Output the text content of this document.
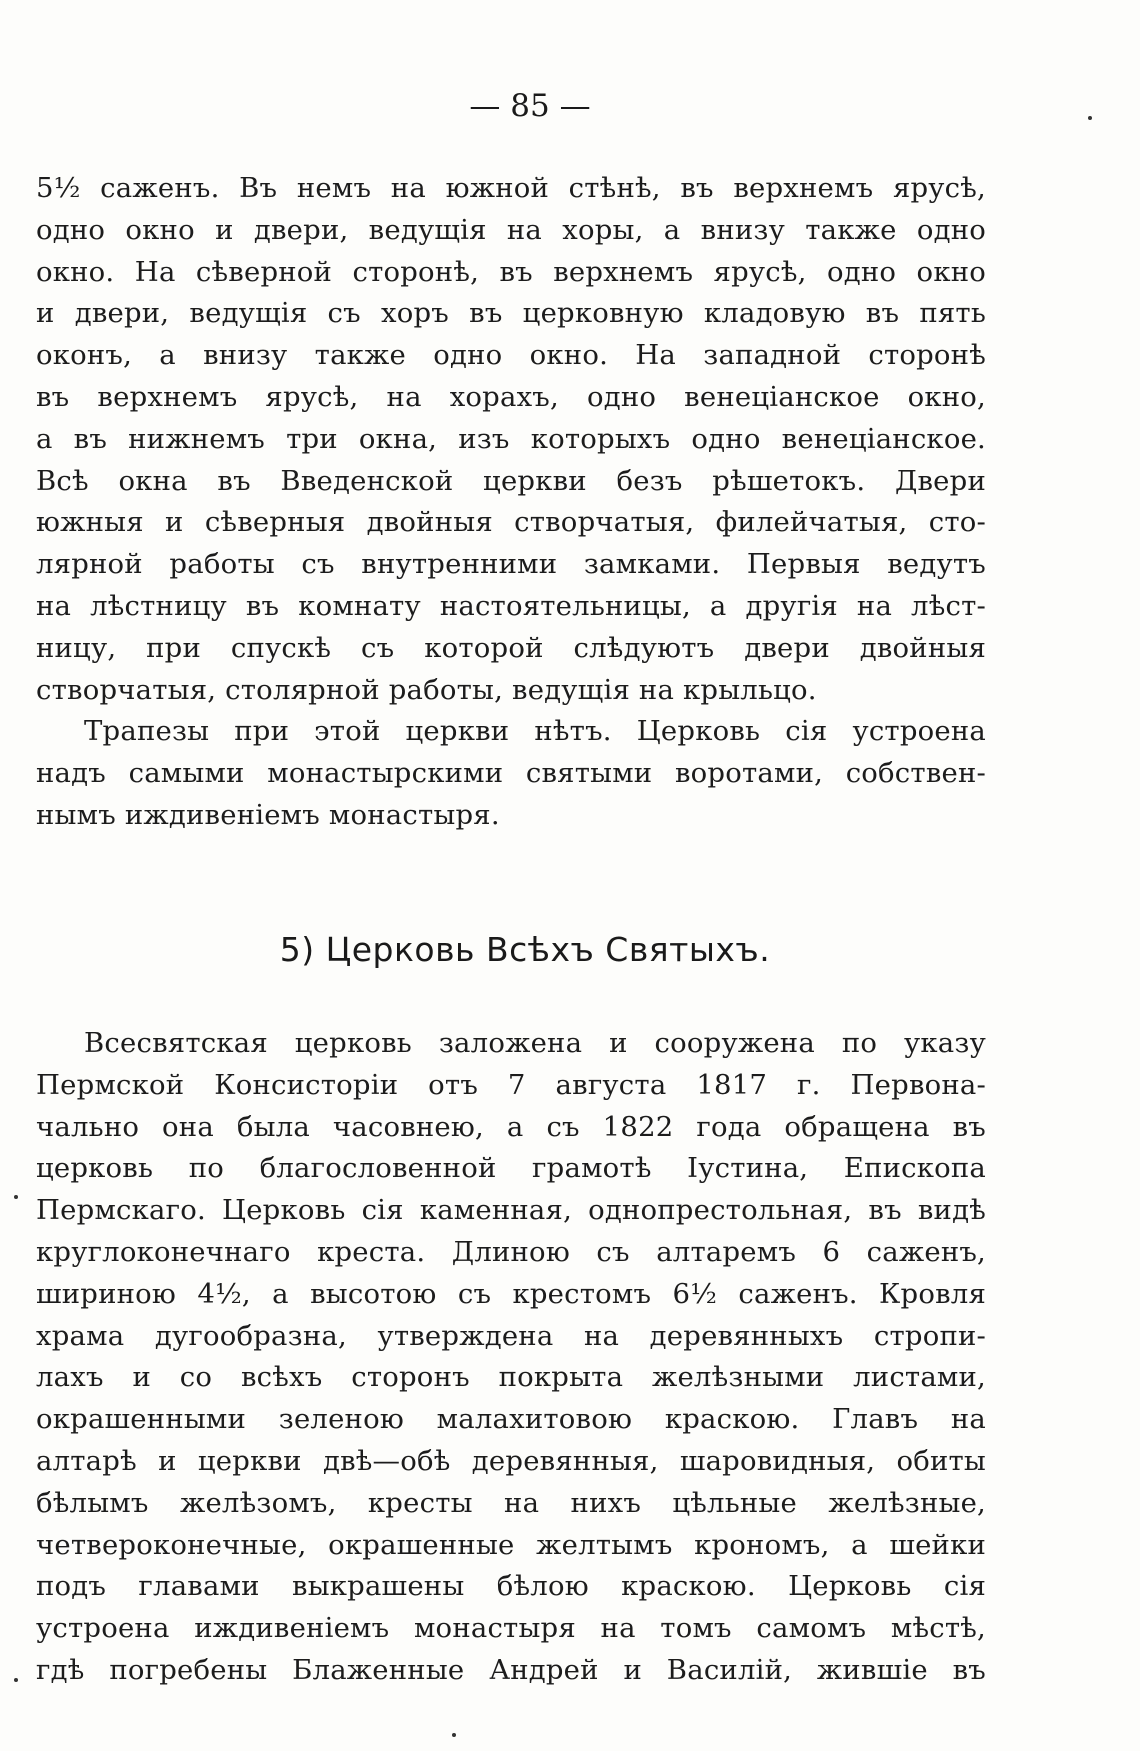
— 85 —
5½ саженъ. Въ немъ на южной стѣнѣ, въ верхнемъ ярусѣ,
одно окно и двери, ведущія на хоры, а внизу также одно
окно. На сѣверной сторонѣ, въ верхнемъ ярусѣ, одно окно
и двери, ведущія съ хоръ въ церковную кладовую въ пять
оконъ, а внизу также одно окно. На западной сторонѣ
въ верхнемъ ярусѣ, на хорахъ, одно венеціанское окно,
а въ нижнемъ три окна, изъ которыхъ одно венеціанское.
Всѣ окна въ Введенской церкви безъ рѣшетокъ. Двери
южныя и сѣверныя двойныя створчатыя, филейчатыя, сто-
лярной работы съ внутренними замками. Первыя ведутъ
на лѣстницу въ комнату настоятельницы, а другія на лѣст-
ницу, при спускѣ съ которой слѣдуютъ двери двойныя
створчатыя, столярной работы, ведущія на крыльцо.
Трапезы при этой церкви нѣтъ. Церковь сія устроена
надъ самыми монастырскими святыми воротами, собствен-
нымъ иждивеніемъ монастыря.
5) Церковь Всѣхъ Святыхъ.
Всесвятская церковь заложена и сооружена по указу
Пермской Консисторіи отъ 7 августа 1817 г. Первона-
чально она была часовнею, а съ 1822 года обращена въ
церковь по благословенной грамотѣ Іустина, Епископа
Пермскаго. Церковь сія каменная, однопрестольная, въ видѣ
круглоконечнаго креста. Длиною съ алтаремъ 6 саженъ,
шириною 4½, а высотою съ крестомъ 6½ саженъ. Кровля
храма дугообразна, утверждена на деревянныхъ стропи-
лахъ и со всѣхъ сторонъ покрыта желѣзными листами,
окрашенными зеленою малахитовою краскою. Главъ на
алтарѣ и церкви двѣ—обѣ деревянныя, шаровидныя, обиты
бѣлымъ желѣзомъ, кресты на нихъ цѣльные желѣзные,
четвероконечные, окрашенные желтымъ крономъ, а шейки
подъ главами выкрашены бѣлою краскою. Церковь сія
устроена иждивеніемъ монастыря на томъ самомъ мѣстѣ,
гдѣ погребены Блаженные Андрей и Василій, жившіе въ
